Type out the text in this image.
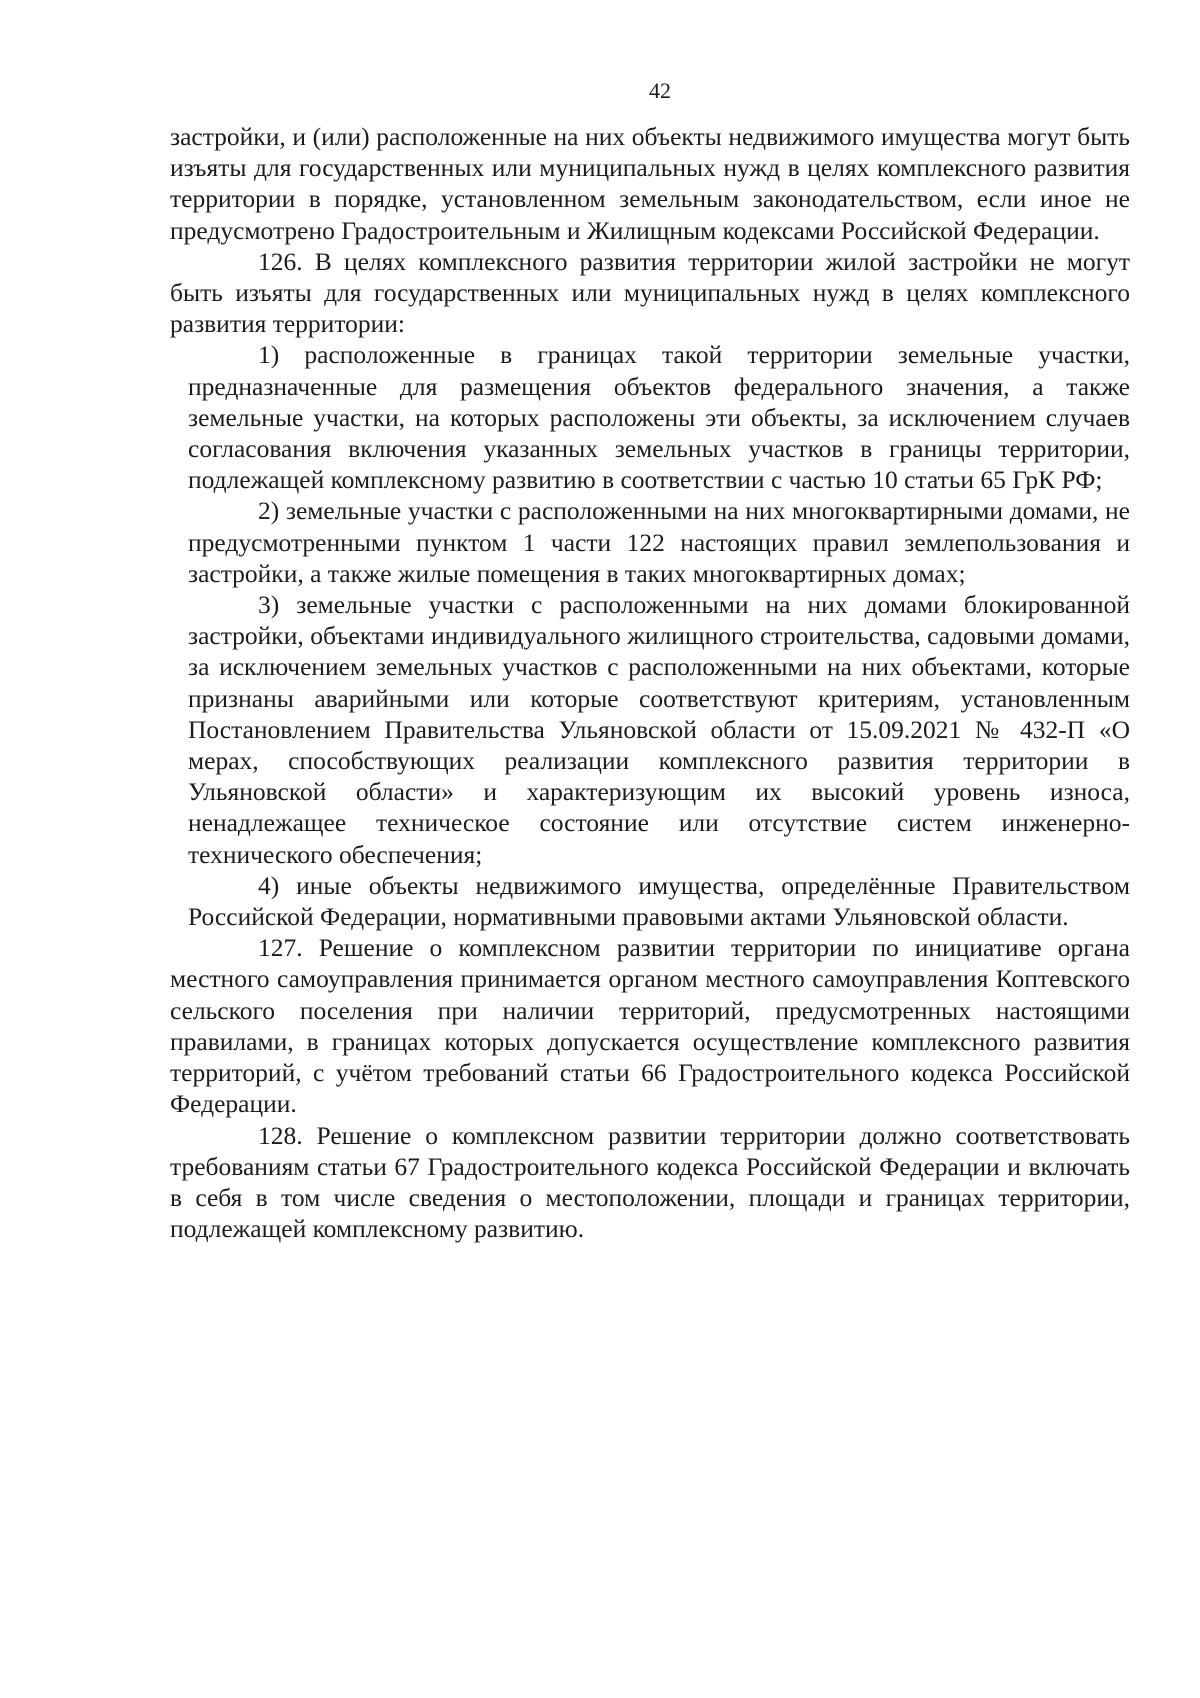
42

застройки, и (или) расположенные на них объекты недвижимого имущества могут быть изъяты для государственных или муниципальных нужд в целях комплексного развития территории в порядке, установленном земельным законодательством, если иное не предусмотрено Градостроительным и Жилищным кодексами Российской Федерации.

126. В целях комплексного развития территории жилой застройки не могут быть изъяты для государственных или муниципальных нужд в целях комплексного развития территории:

1) расположенные в границах такой территории земельные участки, предназначенные для размещения объектов федерального значения, а также земельные участки, на которых расположены эти объекты, за исключением случаев согласования включения указанных земельных участков в границы территории, подлежащей комплексному развитию в соответствии с частью 10 статьи 65 ГрК РФ;

2) земельные участки с расположенными на них многоквартирными домами, не предусмотренными пунктом 1 части 122 настоящих правил землепользования и застройки, а также жилые помещения в таких многоквартирных домах;

3) земельные участки с расположенными на них домами блокированной застройки, объектами индивидуального жилищного строительства, садовыми домами, за исключением земельных участков с расположенными на них объектами, которые признаны аварийными или которые соответствуют критериям, установленным Постановлением Правительства Ульяновской области от 15.09.2021 № 432-П «О мерах, способствующих реализации комплексного развития территории в Ульяновской области» и характеризующим их высокий уровень износа, ненадлежащее техническое состояние или отсутствие систем инженерно-технического обеспечения;

4) иные объекты недвижимого имущества, определённые Правительством Российской Федерации, нормативными правовыми актами Ульяновской области.

127. Решение о комплексном развитии территории по инициативе органа местного самоуправления принимается органом местного самоуправления Коптевского сельского поселения при наличии территорий, предусмотренных настоящими правилами, в границах которых допускается осуществление комплексного развития территорий, с учётом требований статьи 66 Градостроительного кодекса Российской Федерации.

128. Решение о комплексном развитии территории должно соответствовать требованиям статьи 67 Градостроительного кодекса Российской Федерации и включать в себя в том числе сведения о местоположении, площади и границах территории, подлежащей комплексному развитию.
